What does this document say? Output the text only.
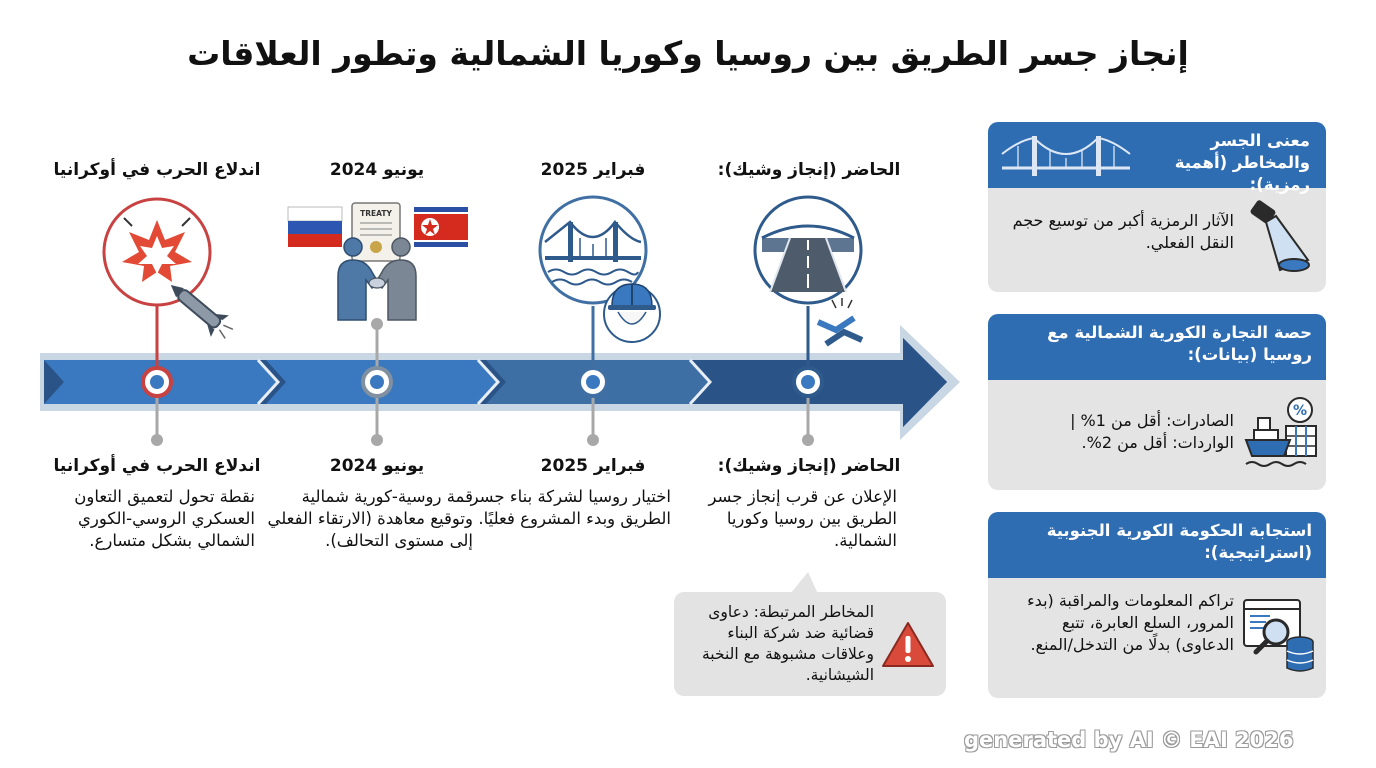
إنجاز جسر الطريق بين روسيا وكوريا الشمالية وتطور العلاقات
TREATY
اندلاع الحرب في أوكرانيا	يونيو 2024	فبراير 2025	الحاضر (إنجاز وشيك):
اندلاع الحرب في أوكرانيا	يونيو 2024	فبراير 2025	الحاضر (إنجاز وشيك):
نقطة تحول لتعميق التعاون العسكري الروسي-الكوري الشمالي بشكل متسارع.
قمة روسية-كورية شمالية وتوقيع معاهدة (الارتقاء الفعلي إلى مستوى التحالف).
اختيار روسيا لشركة بناء جسر الطريق وبدء المشروع فعليًا.
الإعلان عن قرب إنجاز جسر الطريق بين روسيا وكوريا الشمالية.
المخاطر المرتبطة: دعاوى قضائية ضد شركة البناء وعلاقات مشبوهة مع النخبة الشيشانية.
معنى الجسر والمخاطر (أهمية رمزية):
الآثار الرمزية أكبر من توسيع حجم النقل الفعلي.
حصة التجارة الكورية الشمالية مع روسيا (بيانات):
الصادرات: أقل من 1% | الواردات: أقل من 2%.
%
استجابة الحكومة الكورية الجنوبية (استراتيجية):
تراكم المعلومات والمراقبة (بدء المرور، السلع العابرة، تتبع الدعاوى) بدلًا من التدخل/المنع.
generated by AI © EAI 2026
